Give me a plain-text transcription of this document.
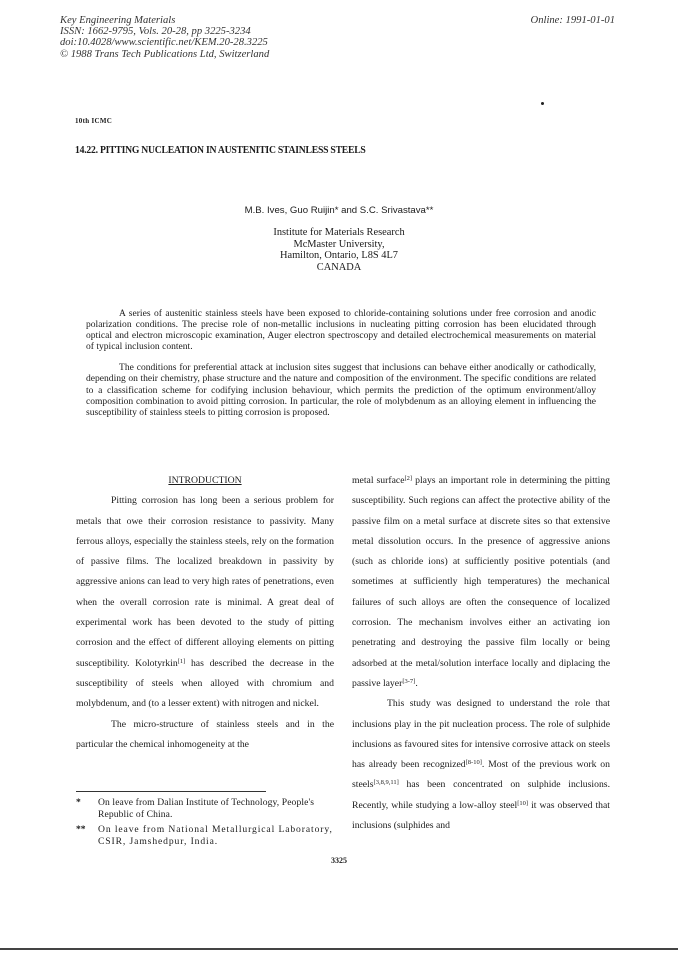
Key Engineering Materials
ISSN: 1662-9795, Vols. 20-28, pp 3225-3234
doi:10.4028/www.scientific.net/KEM.20-28.3225
© 1988 Trans Tech Publications Ltd, Switzerland
Online: 1991-01-01
10th ICMC
14.22. PITTING NUCLEATION IN AUSTENITIC STAINLESS STEELS
M.B. Ives, Guo Ruijin* and S.C. Srivastava**
Institute for Materials Research
McMaster University,
Hamilton, Ontario, L8S 4L7
CANADA

A series of austenitic stainless steels have been exposed to chloride-containing solutions under free corrosion and anodic polarization conditions. The precise role of non-metallic inclusions in nucleating pitting corrosion has been elucidated through optical and electron microscopic examination, Auger electron spectroscopy and detailed electrochemical measurements on material of typical inclusion content.

The conditions for preferential attack at inclusion sites suggest that inclusions can behave either anodically or cathodically, depending on their chemistry, phase structure and the nature and composition of the environment. The specific conditions are related to a classification scheme for codifying inclusion behaviour, which permits the prediction of the optimum environment/alloy composition combination to avoid pitting corrosion. In particular, the role of molybdenum as an alloying element in influencing the susceptibility of stainless steels to pitting corrosion is proposed.

INTRODUCTION

Pitting corrosion has long been a serious problem for metals that owe their corrosion resistance to passivity. Many ferrous alloys, especially the stainless steels, rely on the formation of passive films. The localized breakdown in passivity by aggressive anions can lead to very high rates of penetrations, even when the overall corrosion rate is minimal. A great deal of experimental work has been devoted to the study of pitting corrosion and the effect of different alloying elements on pitting susceptibility. Kolotyrkin[1] has described the decrease in the susceptibility of steels when alloyed with chromium and molybdenum, and (to a lesser extent) with nitrogen and nickel.

The micro-structure of stainless steels and in the particular the chemical inhomogeneity at the

metal surface[2] plays an important role in determining the pitting susceptibility. Such regions can affect the protective ability of the passive film on a metal surface at discrete sites so that extensive metal dissolution occurs. In the presence of aggressive anions (such as chloride ions) at sufficiently positive potentials (and sometimes at sufficiently high temperatures) the mechanical failures of such alloys are often the consequence of localized corrosion. The mechanism involves either an activating ion penetrating and destroying the passive film locally or being adsorbed at the metal/solution interface locally and diplacing the passive layer[3-7].

This study was designed to understand the role that inclusions play in the pit nucleation process. The role of sulphide inclusions as favoured sites for intensive corrosive attack on steels has already been recognized[8-10]. Most of the previous work on steels[3,8,9,11] has been concentrated on sulphide inclusions. Recently, while studying a low-alloy steel[10] it was observed that inclusions (sulphides and

*	On leave from Dalian Institute of Technology, People's Republic of China.
**	On leave from National Metallurgical Laboratory, CSIR, Jamshedpur, India.
3325
